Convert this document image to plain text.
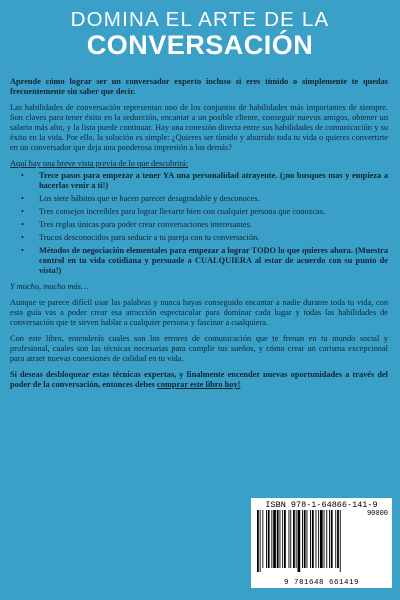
DOMINA EL ARTE DE LA
CONVERSACIÓN

Aprende cómo lograr ser un conversador experto incluso si eres tímido o simplemente te quedas frecuentemente sin saber que decir.

Las habilidades de conversación representan uno de los conjuntos de habilidades más importantes de siempre. Son claves para tener éxito en la seducción, encantar a un posible cliente, conseguir nuevos amigos, obtener un salario más alto, y la lista puede continuar. Hay una conexión directa entre sus habilidades de comunicación y su éxito en la vida. Por ello, la solución es simple: ¿Quieres ser tímido y aburrido toda tu vida o quieres convertirte en un conversador que deja una ponderosa impresión a los demás?

Aquí hay una breve vista previa de lo que descubrirá:

• Trece pasos para empezar a tener YA una personalidad atrayente. (¡no busques mas y empieza a hacerlas venir a ti!)
• Los siete hábitos que te hacen parecer desagradable y desconoces.
• Tres consejos increíbles para lograr llevarte bien con cualquier persona que conozcas.
• Tres reglas únicas para poder crear conversaciones interesantes.
• Trucos desconocidos para seducir a tu pareja con tu conversación.
• Métodos de negociación elementales para empezar a lograr TODO lo que quieres ahora. (Muestra control en tu vida cotidiana y persuade a CUALQUIERA al estar de acuerdo con su punto de vista!)

Y mucho, mucho más…

Aunque te parece difícil usar las palabras y nunca hayas conseguido encantar a nadie durante toda tu vida, con esta guía vas a poder crear esa atracción espectacular para dominar cada lugar y todas las habilidades de conversación que te sirven hablar a cualquier persona y fascinar a cualquiera.

Con este libro, entenderás cuales son los errores de comunicación que te frenan en tu mundo social y profesional, cuales son las técnicas necesarias para cumplir tus sueños, y cómo crear un carisma excepcional para atraer nuevas conexiones de calidad en tu vida.

Si deseas desbloquear estas técnicas expertas, y finalmente encender nuevas oportunidades a través del poder de la conversación, entonces debes comprar este libro hoy!

ISBN 978-1-64866-141-9
90000
9 781648 661419
